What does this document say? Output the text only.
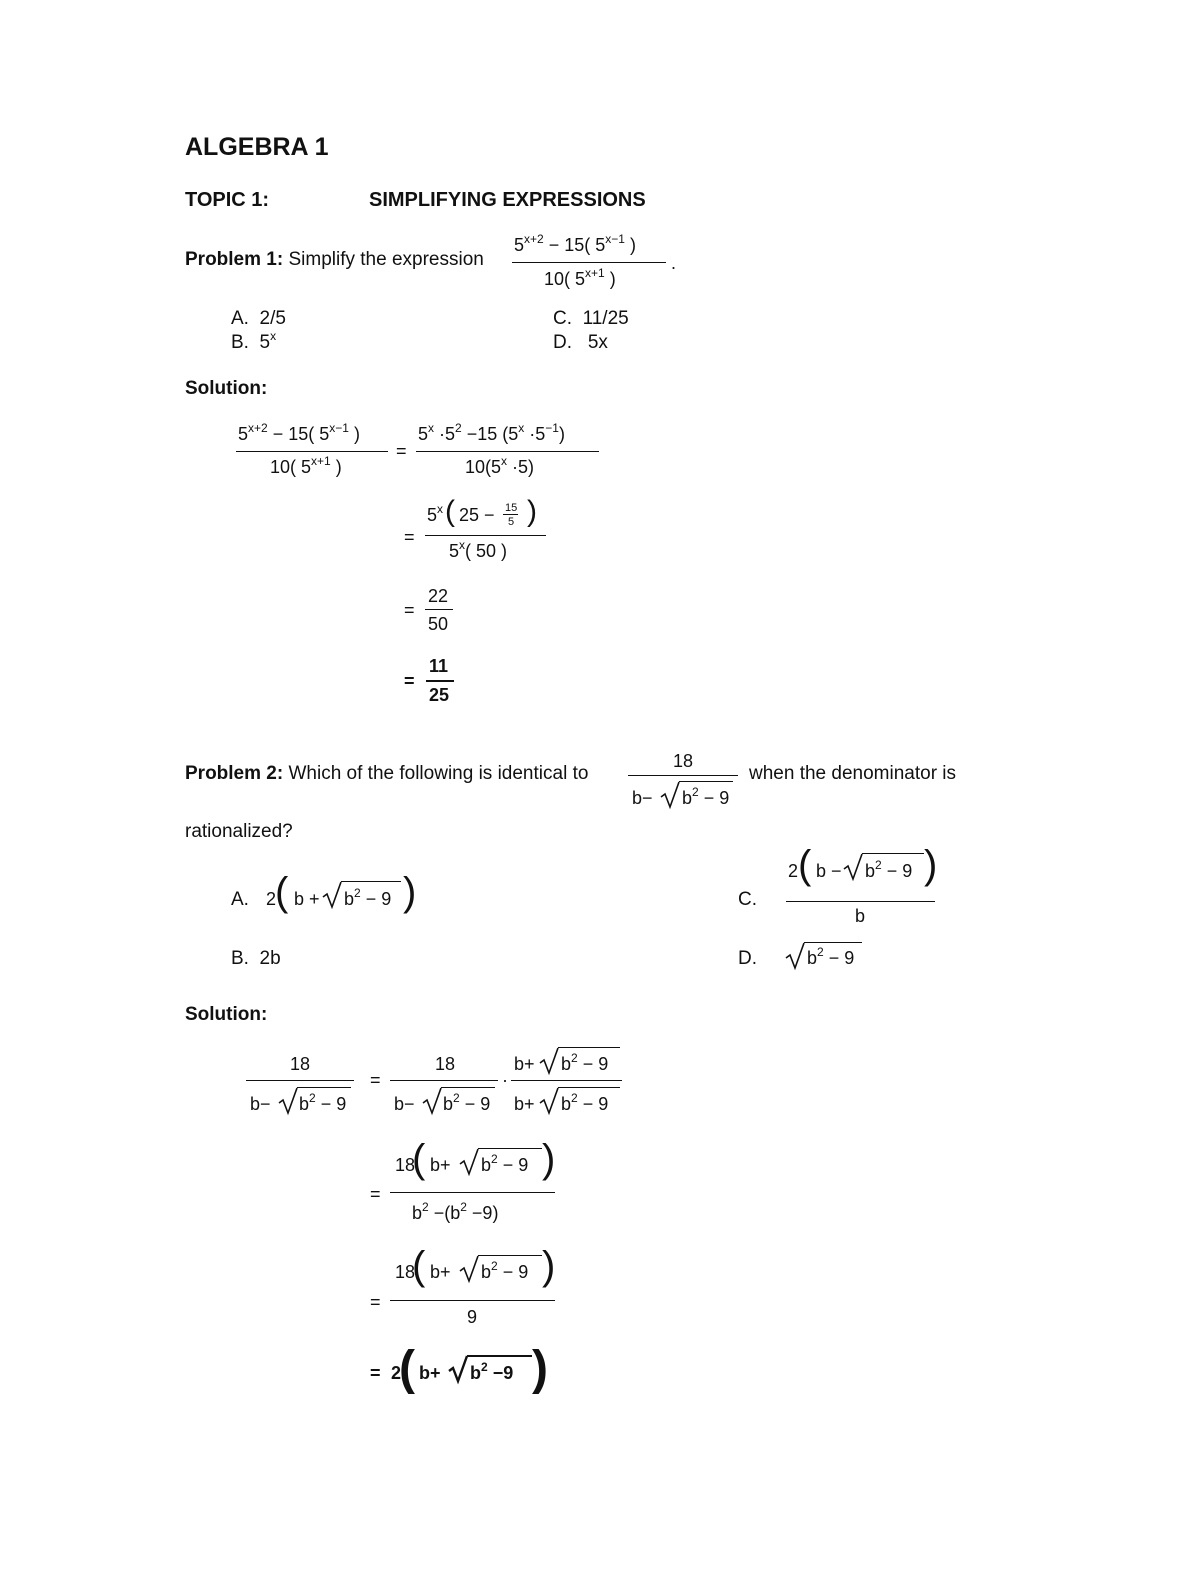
ALGEBRA 1
TOPIC 1:	SIMPLIFYING EXPRESSIONS
Problem 1: Simplify the expression
$5^{x+2} - 15$( $5^{x-1}$ )
10( $5^{x+1}$ )
.
A. 2/5
B. 5$^x$
C. 11/25
D. 5x
Solution:
$5^{x+2} - 15$( $5^{x-1}$ )
10( $5^{x+1}$ )
=
$5^x \cdot 5^2 -15$ $(5^x \cdot 5^{-1})$
$10(5^x \cdot 5)$
=
$5^x$ ( 25 − 15
5 )
5$^x$( 50 )
=
22
50
=
11
25
Problem 2: Which of the following is identical to
18
$b- b^2 - 9$
when the denominator is
rationalized?
A. 2
( $b + b^2 - 9$ )
B. 2b
C.
2 ( $b - b^2 - 9$ )
b
D.	$b^2 - 9$
Solution:
18
$b- b^2 - 9$
=
18
$b- b^2 - 9$
·
$b+ b^2 - 9$
$b+ b^2 - 9$
=
18
( $b+ b^2 - 9$ )
$b^2 -(b^2 -9)$
=
18
( $b+ b^2 - 9$ )
9
= 2
( $b+ b^2 -9$ )
